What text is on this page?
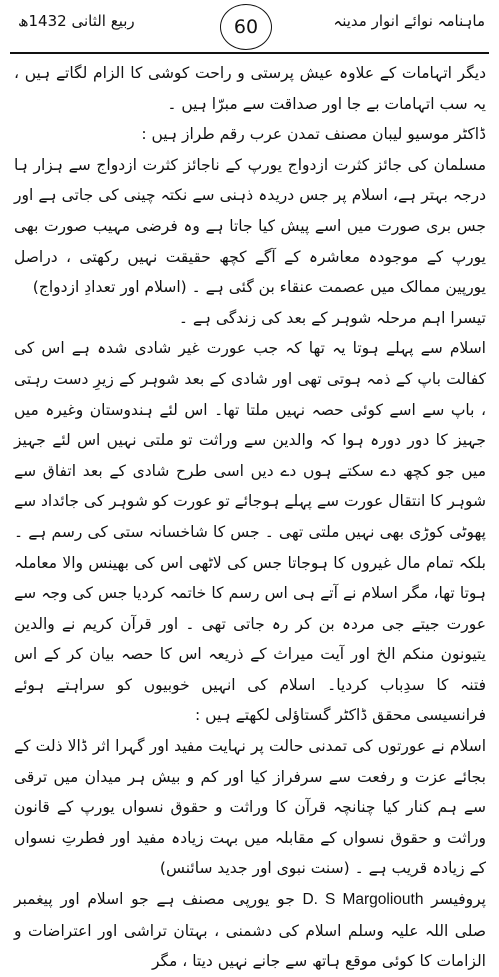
ربیع الثانی 1432ھ	60	ماہنامہ نوائے انوار مدینہ

دیگر اتہامات کے علاوہ عیش پرستی و راحت کوشی کا الزام لگاتے ہیں ، یہ سب اتہامات بے جا اور صداقت سے مبرّا ہیں ۔

ڈاکٹر موسیو لیبان مصنف تمدن عرب رقم طراز ہیں :

مسلمان کی جائز کثرت ازدواج یورپ کے ناجائز کثرت ازدواج سے ہزار ہا درجہ بہتر ہے، اسلام پر جس دریدہ ذہنی سے نکتہ چینی کی جاتی ہے اور جس بری صورت میں اسے پیش کیا جاتا ہے وہ فرضی مہیب صورت بھی یورپ کے موجودہ معاشرہ کے آگے کچھ حقیقت نہیں رکھتی ، دراصل یورپین ممالک میں عصمت عنقاء بن گئی ہے ۔ (اسلام اور تعدادِ ازدواج)

تیسرا اہم مرحلہ شوہر کے بعد کی زندگی ہے ۔

اسلام سے پہلے ہوتا یہ تھا کہ جب عورت غیر شادی شدہ ہے اس کی کفالت باپ کے ذمہ ہوتی تھی اور شادی کے بعد شوہر کے زیرِ دست رہتی ، باپ سے اسے کوئی حصہ نہیں ملتا تھا۔ اس لئے ہندوستان وغیرہ میں جہیز کا دور دورہ ہوا کہ والدین سے وراثت تو ملتی نہیں اس لئے جہیز میں جو کچھ دے سکتے ہوں دے دیں اسی طرح شادی کے بعد اتفاق سے شوہر کا انتقال عورت سے پہلے ہوجائے تو عورت کو شوہر کی جائداد سے پھوٹی کوڑی بھی نہیں ملتی تھی ۔ جس کا شاخسانہ ستی کی رسم ہے ۔ بلکہ تمام مال غیروں کا ہوجاتا جس کی لاٹھی اس کی بھینس والا معاملہ ہوتا تھا، مگر اسلام نے آتے ہی اس رسم کا خاتمہ کردیا جس کی وجہ سے عورت جیتے جی مردہ بن کر رہ جاتی تھی ۔ اور قرآن کریم نے والدین یتیونون منکم الخ اور آیت میراث کے ذریعہ اس کا حصہ بیان کر کے اس فتنہ کا سدِباب کردیا۔ اسلام کی انہیں خوبیوں کو سراہتے ہوئے فرانسیسی محقق ڈاکٹر گستاؤلی لکھتے ہیں :

اسلام نے عورتوں کی تمدنی حالت پر نہایت مفید اور گہرا اثر ڈالا ذلت کے بجائے عزت و رفعت سے سرفراز کیا اور کم و بیش ہر میدان میں ترقی سے ہم کنار کیا چنانچہ قرآن کا وراثت و حقوق نسواں یورپ کے قانون وراثت و حقوق نسواں کے مقابلہ میں بہت زیادہ مفید اور فطرتِ نسواں کے زیادہ قریب ہے ۔ (سنت نبوی اور جدید سائنس)

پروفیسر D. S Margoliouth جو یورپی مصنف ہے جو اسلام اور پیغمبر صلی اللہ علیہ وسلم اسلام کی دشمنی ، بہتان تراشی اور اعتراضات و الزامات کا کوئی موقع ہاتھ سے جانے نہیں دیتا ، مگر
